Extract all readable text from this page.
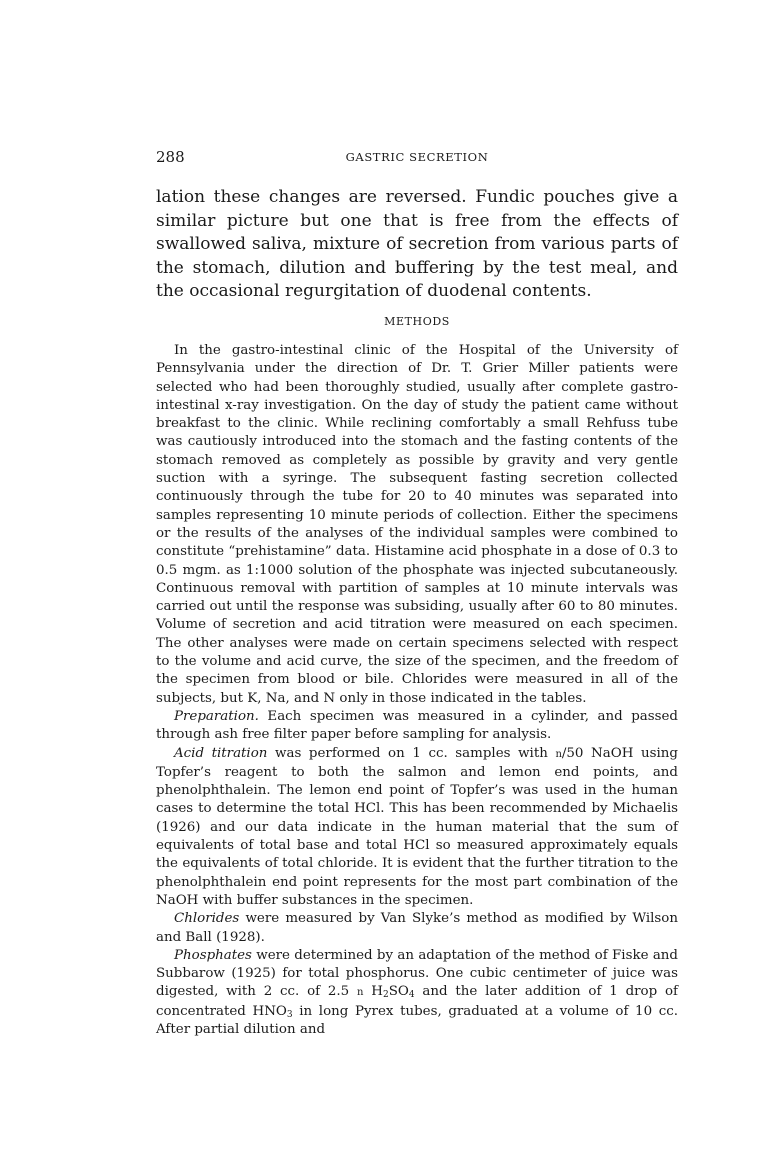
288	GASTRIC SECRETION

lation these changes are reversed. Fundic pouches give a similar picture but one that is free from the effects of swallowed saliva, mixture of secretion from various parts of the stomach, dilution and buffering by the test meal, and the occasional regurgitation of duodenal contents.

METHODS

In the gastro-intestinal clinic of the Hospital of the University of Pennsylvania under the direction of Dr. T. Grier Miller patients were selected who had been thoroughly studied, usually after complete gastro-intestinal x-ray investigation. On the day of study the patient came without breakfast to the clinic. While reclining comfortably a small Rehfuss tube was cautiously introduced into the stomach and the fasting contents of the stomach removed as completely as possible by gravity and very gentle suction with a syringe. The subsequent fasting secretion collected continuously through the tube for 20 to 40 minutes was separated into samples representing 10 minute periods of collection. Either the specimens or the results of the analyses of the individual samples were combined to constitute “prehistamine” data. Histamine acid phosphate in a dose of 0.3 to 0.5 mgm. as 1:1000 solution of the phosphate was injected subcutaneously. Continuous removal with partition of samples at 10 minute intervals was carried out until the response was subsiding, usually after 60 to 80 minutes. Volume of secretion and acid titration were measured on each specimen. The other analyses were made on certain specimens selected with respect to the volume and acid curve, the size of the specimen, and the freedom of the specimen from blood or bile. Chlorides were measured in all of the subjects, but K, Na, and N only in those indicated in the tables.

Preparation. Each specimen was measured in a cylinder, and passed through ash free filter paper before sampling for analysis.

Acid titration was performed on 1 cc. samples with n/50 NaOH using Topfer’s reagent to both the salmon and lemon end points, and phenolphthalein. The lemon end point of Topfer’s was used in the human cases to determine the total HCl. This has been recommended by Michaelis (1926) and our data indicate in the human material that the sum of equivalents of total base and total HCl so measured approximately equals the equivalents of total chloride. It is evident that the further titration to the phenolphthalein end point represents for the most part combination of the NaOH with buffer substances in the specimen.

Chlorides were measured by Van Slyke’s method as modified by Wilson and Ball (1928).

Phosphates were determined by an adaptation of the method of Fiske and Subbarow (1925) for total phosphorus. One cubic centimeter of juice was digested, with 2 cc. of 2.5 n $H_2SO_4$ and the later addition of 1 drop of concentrated $HNO_3$ in long Pyrex tubes, graduated at a volume of 10 cc. After partial dilution and
